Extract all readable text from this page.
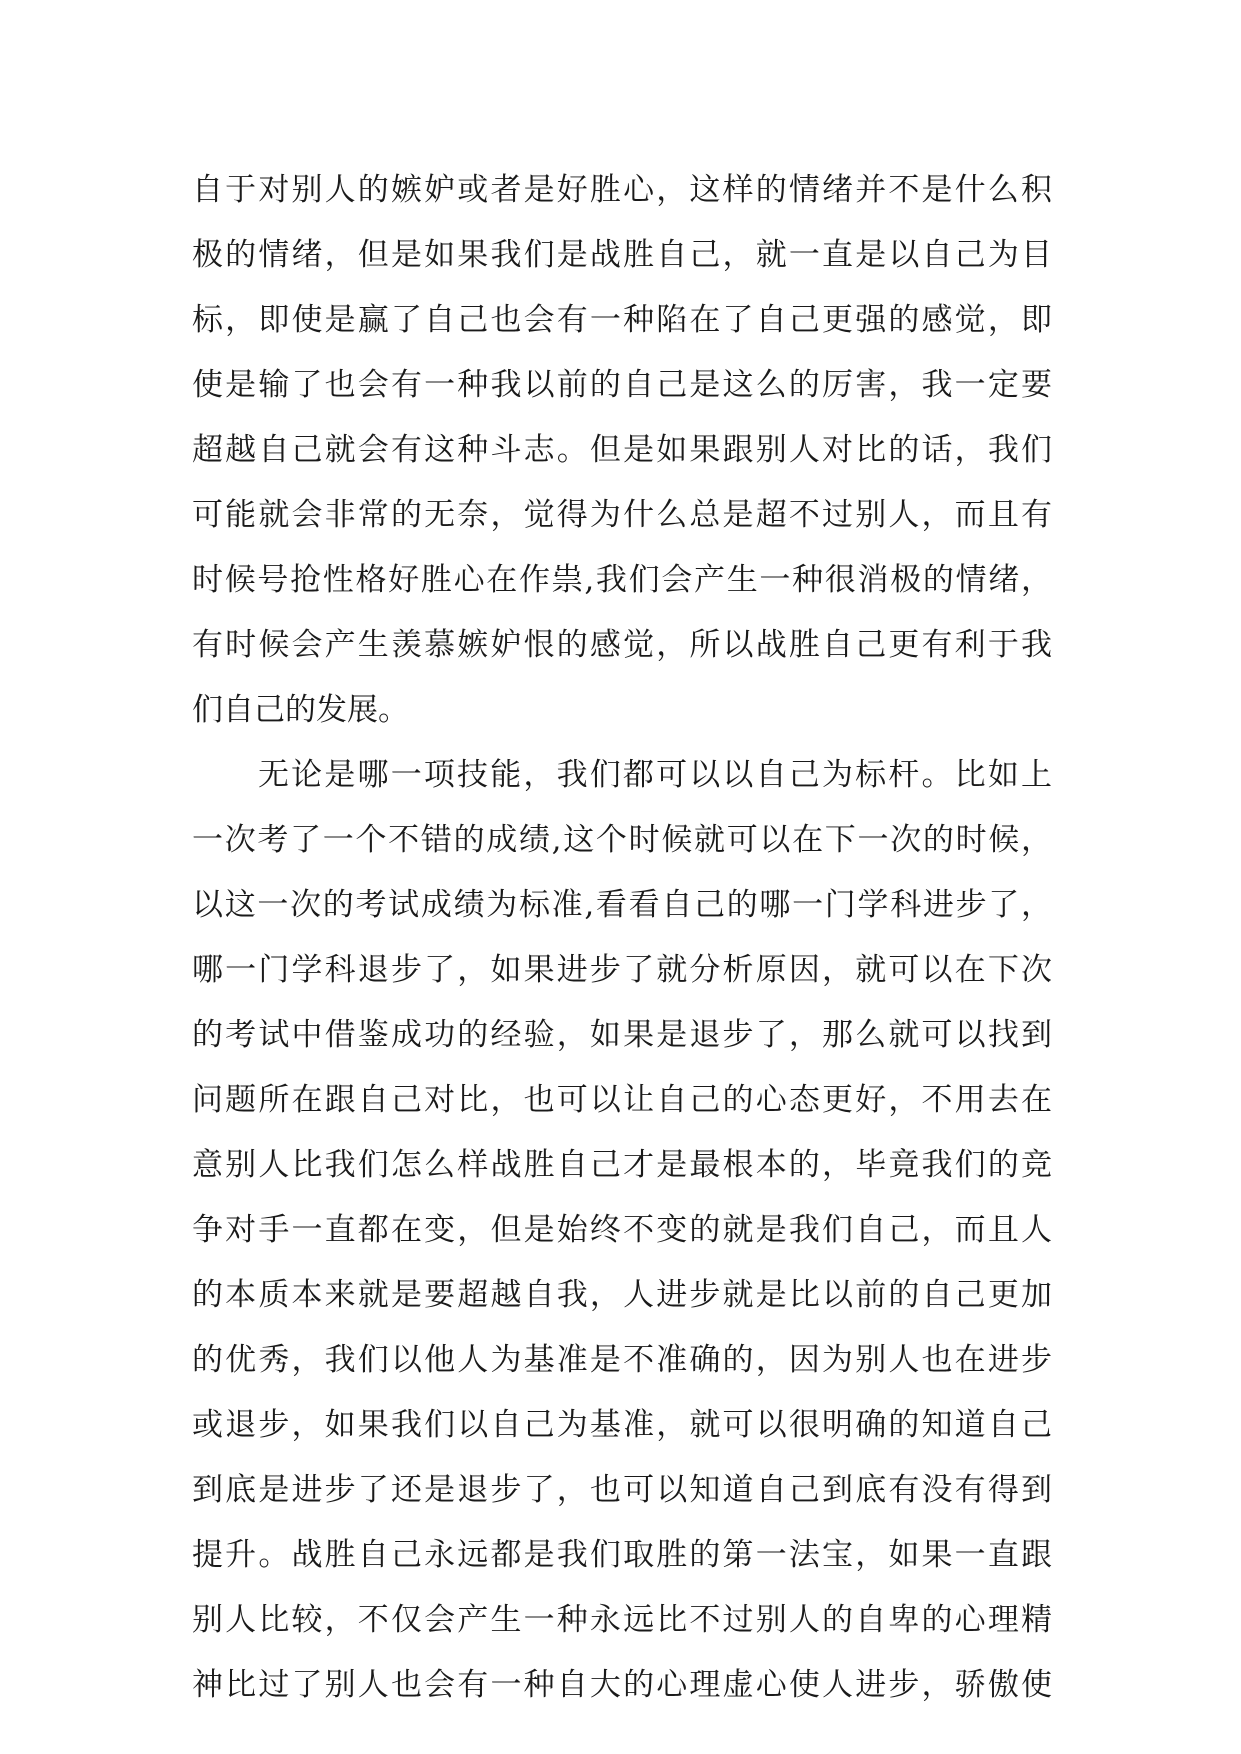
自于对别人的嫉妒或者是好胜心，这样的情绪并不是什么积
极的情绪，但是如果我们是战胜自己，就一直是以自己为目
标，即使是赢了自己也会有一种陷在了自己更强的感觉，即
使是输了也会有一种我以前的自己是这么的厉害，我一定要
超越自己就会有这种斗志。但是如果跟别人对比的话，我们
可能就会非常的无奈，觉得为什么总是超不过别人，而且有
时候号抢性格好胜心在作祟,我们会产生一种很消极的情绪，
有时候会产生羡慕嫉妒恨的感觉，所以战胜自己更有利于我
们自己的发展。
无论是哪一项技能，我们都可以以自己为标杆。比如上
一次考了一个不错的成绩,这个时候就可以在下一次的时候，
以这一次的考试成绩为标准,看看自己的哪一门学科进步了，
哪一门学科退步了，如果进步了就分析原因，就可以在下次
的考试中借鉴成功的经验，如果是退步了，那么就可以找到
问题所在跟自己对比，也可以让自己的心态更好，不用去在
意别人比我们怎么样战胜自己才是最根本的，毕竟我们的竞
争对手一直都在变，但是始终不变的就是我们自己，而且人
的本质本来就是要超越自我，人进步就是比以前的自己更加
的优秀，我们以他人为基准是不准确的，因为别人也在进步
或退步，如果我们以自己为基准，就可以很明确的知道自己
到底是进步了还是退步了，也可以知道自己到底有没有得到
提升。战胜自己永远都是我们取胜的第一法宝，如果一直跟
别人比较，不仅会产生一种永远比不过别人的自卑的心理精
神比过了别人也会有一种自大的心理虚心使人进步，骄傲使
